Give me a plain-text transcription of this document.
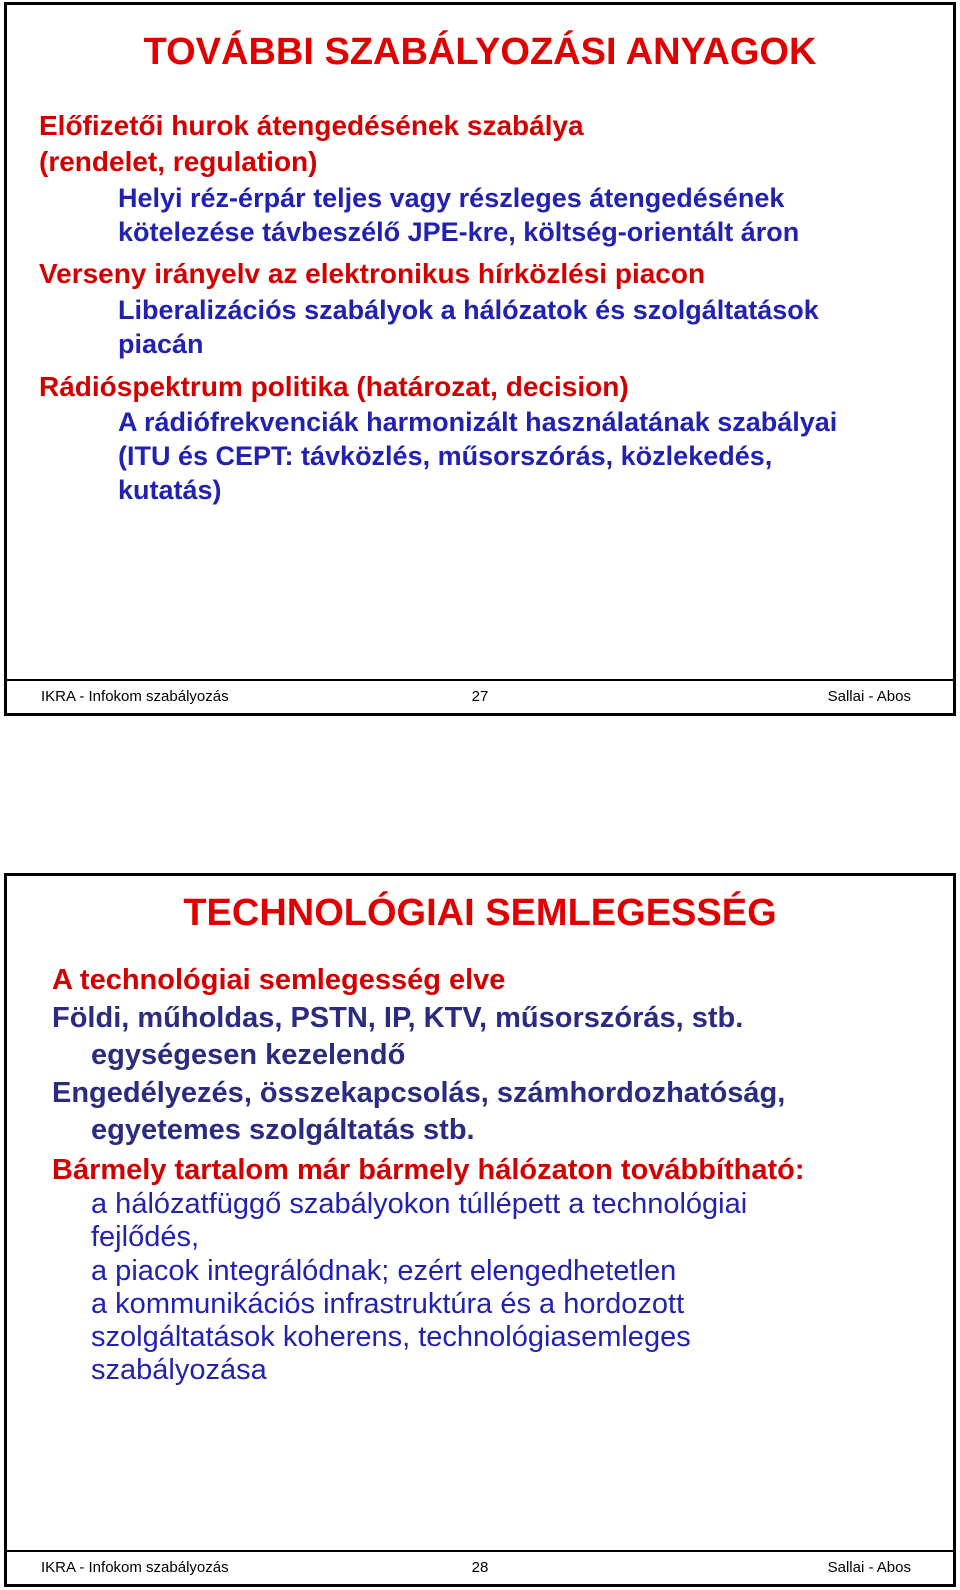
TOVÁBBI SZABÁLYOZÁSI ANYAGOK
Előfizetői hurok átengedésének szabálya
(rendelet, regulation)
Helyi réz-érpár teljes vagy részleges átengedésének
kötelezése távbeszélő JPE-kre, költség-orientált áron
Verseny irányelv az elektronikus hírközlési piacon
Liberalizációs szabályok a hálózatok és szolgáltatások
piacán
Rádióspektrum politika (határozat, decision)
A rádiófrekvenciák harmonizált használatának szabályai
(ITU és CEPT: távközlés, műsorszórás, közlekedés,
kutatás)
IKRA - Infokom szabályozás	27	Sallai - Abos
TECHNOLÓGIAI SEMLEGESSÉG
A technológiai semlegesség elve
Földi, műholdas, PSTN, IP, KTV, műsorszórás, stb.
egységesen kezelendő
Engedélyezés, összekapcsolás, számhordozhatóság,
egyetemes szolgáltatás stb.
Bármely tartalom már bármely hálózaton továbbítható:
a hálózatfüggő szabályokon túllépett a technológiai
fejlődés,
a piacok integrálódnak; ezért elengedhetetlen
a kommunikációs infrastruktúra és a hordozott
szolgáltatások koherens, technológiasemleges
szabályozása
IKRA - Infokom szabályozás	28	Sallai - Abos
